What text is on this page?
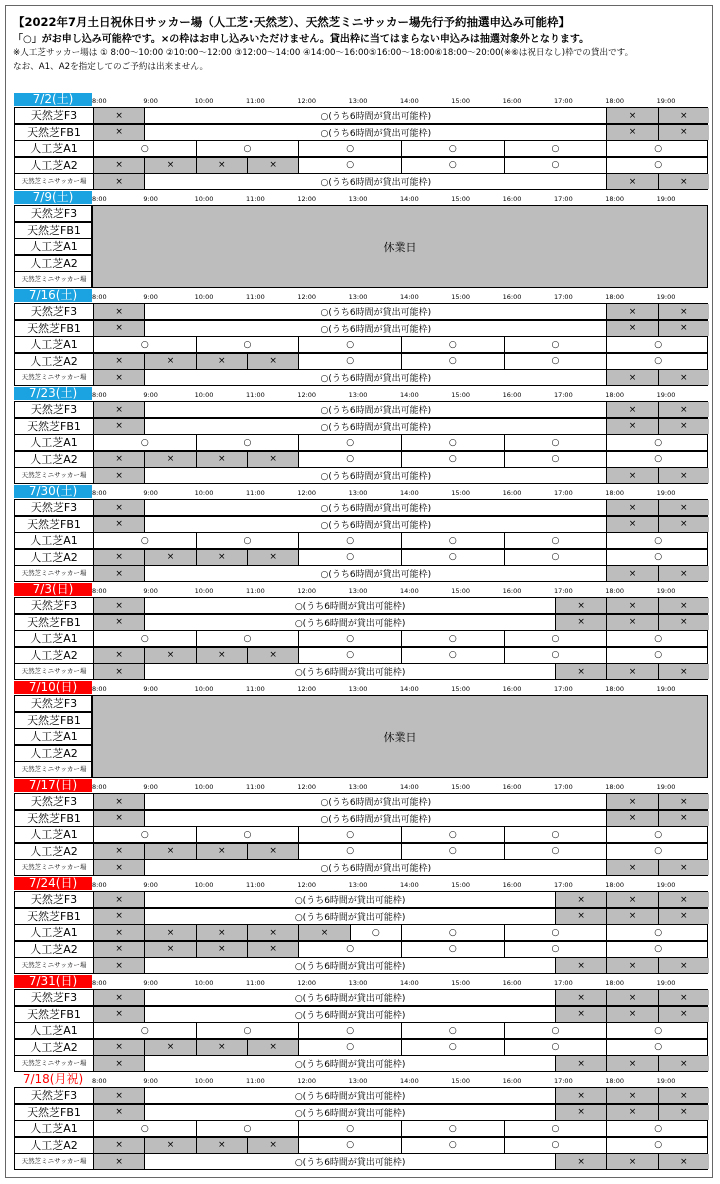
【2022年7月土日祝休日サッカー場（人工芝･天然芝）、天然芝ミニサッカー場先行予約抽選申込み可能枠】
「○」がお申し込み可能枠です。×の枠はお申し込みいただけません。貸出枠に当てはまらない申込みは抽選対象外となります。
※人工芝サッカー場は ① 8:00～10:00 ②10:00～12:00 ③12:00～14:00 ④14:00～16:00⑤16:00～18:00⑥18:00～20:00(※⑥は祝日なし)枠での貸出です。
なお、A1、A2を指定してのご予約は出来ません。
7/2(土)	8:00	9:00	10:00	11:00	12:00	13:00	14:00	15:00	16:00	17:00	18:00	19:00
天然芝F3	×	○(うち6時間が貸出可能枠)	×	×
天然芝FB1	×	○(うち6時間が貸出可能枠)	×	×
人工芝A1	○	○	○	○	○	○
人工芝A2	×	×	×	×	○	○	○	○
天然芝ミニサッカー場	×	○(うち6時間が貸出可能枠)	×	×
7/9(土)	8:00	9:00	10:00	11:00	12:00	13:00	14:00	15:00	16:00	17:00	18:00	19:00
天然芝F3
天然芝FB1
人工芝A1
人工芝A2
天然芝ミニサッカー場
休業日
7/16(土)	8:00	9:00	10:00	11:00	12:00	13:00	14:00	15:00	16:00	17:00	18:00	19:00
天然芝F3	×	○(うち6時間が貸出可能枠)	×	×
天然芝FB1	×	○(うち6時間が貸出可能枠)	×	×
人工芝A1	○	○	○	○	○	○
人工芝A2	×	×	×	×	○	○	○	○
天然芝ミニサッカー場	×	○(うち6時間が貸出可能枠)	×	×
7/23(土)	8:00	9:00	10:00	11:00	12:00	13:00	14:00	15:00	16:00	17:00	18:00	19:00
天然芝F3	×	○(うち6時間が貸出可能枠)	×	×
天然芝FB1	×	○(うち6時間が貸出可能枠)	×	×
人工芝A1	○	○	○	○	○	○
人工芝A2	×	×	×	×	○	○	○	○
天然芝ミニサッカー場	×	○(うち6時間が貸出可能枠)	×	×
7/30(土)	8:00	9:00	10:00	11:00	12:00	13:00	14:00	15:00	16:00	17:00	18:00	19:00
天然芝F3	×	○(うち6時間が貸出可能枠)	×	×
天然芝FB1	×	○(うち6時間が貸出可能枠)	×	×
人工芝A1	○	○	○	○	○	○
人工芝A2	×	×	×	×	○	○	○	○
天然芝ミニサッカー場	×	○(うち6時間が貸出可能枠)	×	×
7/3(日)	8:00	9:00	10:00	11:00	12:00	13:00	14:00	15:00	16:00	17:00	18:00	19:00
天然芝F3	×	○(うち6時間が貸出可能枠)	×	×	×
天然芝FB1	×	○(うち6時間が貸出可能枠)	×	×	×
人工芝A1	○	○	○	○	○	○
人工芝A2	×	×	×	×	○	○	○	○
天然芝ミニサッカー場	×	○(うち6時間が貸出可能枠)	×	×	×
7/10(日)	8:00	9:00	10:00	11:00	12:00	13:00	14:00	15:00	16:00	17:00	18:00	19:00
天然芝F3
天然芝FB1
人工芝A1
人工芝A2
天然芝ミニサッカー場
休業日
7/17(日)	8:00	9:00	10:00	11:00	12:00	13:00	14:00	15:00	16:00	17:00	18:00	19:00
天然芝F3	×	○(うち6時間が貸出可能枠)	×	×
天然芝FB1	×	○(うち6時間が貸出可能枠)	×	×
人工芝A1	○	○	○	○	○	○
人工芝A2	×	×	×	×	○	○	○	○
天然芝ミニサッカー場	×	○(うち6時間が貸出可能枠)	×	×
7/24(日)	8:00	9:00	10:00	11:00	12:00	13:00	14:00	15:00	16:00	17:00	18:00	19:00
天然芝F3	×	○(うち6時間が貸出可能枠)	×	×	×
天然芝FB1	×	○(うち6時間が貸出可能枠)	×	×	×
人工芝A1	×	×	×	×	×	○	○	○	○
人工芝A2	×	×	×	×	○	○	○	○
天然芝ミニサッカー場	×	○(うち6時間が貸出可能枠)	×	×	×
7/31(日)	8:00	9:00	10:00	11:00	12:00	13:00	14:00	15:00	16:00	17:00	18:00	19:00
天然芝F3	×	○(うち6時間が貸出可能枠)	×	×	×
天然芝FB1	×	○(うち6時間が貸出可能枠)	×	×	×
人工芝A1	○	○	○	○	○	○
人工芝A2	×	×	×	×	○	○	○	○
天然芝ミニサッカー場	×	○(うち6時間が貸出可能枠)	×	×	×
7/18(月祝)	8:00	9:00	10:00	11:00	12:00	13:00	14:00	15:00	16:00	17:00	18:00	19:00
天然芝F3	×	○(うち6時間が貸出可能枠)	×	×	×
天然芝FB1	×	○(うち6時間が貸出可能枠)	×	×	×
人工芝A1	○	○	○	○	○	○
人工芝A2	×	×	×	×	○	○	○	○
天然芝ミニサッカー場	×	○(うち6時間が貸出可能枠)	×	×	×
